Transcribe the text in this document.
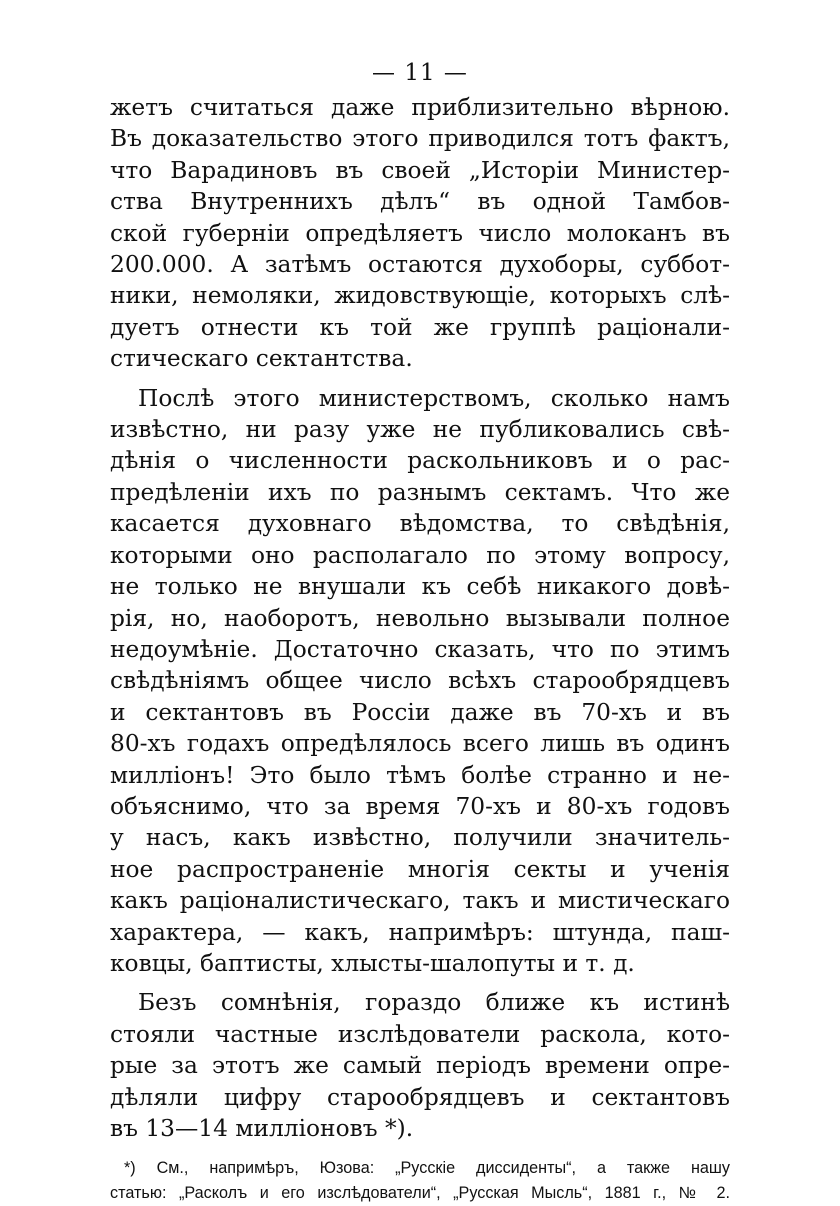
— 11 —
жетъ считаться даже приблизительно вѣрною.
Въ доказательство этого приводился тотъ фактъ,
что Варадиновъ въ своей „Исторіи Министер-
ства Внутреннихъ дѣлъ“ въ одной Тамбов-
ской губерніи опредѣляетъ число молоканъ въ
200.000. А затѣмъ остаются духоборы, суббот-
ники, немоляки, жидовствующіе, которыхъ слѣ-
дуетъ отнести къ той же группѣ раціонали-
стическаго сектантства.
Послѣ этого министерствомъ, сколько намъ
извѣстно, ни разу уже не публиковались свѣ-
дѣнія о численности раскольниковъ и о рас-
предѣленіи ихъ по разнымъ сектамъ. Что же
касается духовнаго вѣдомства, то свѣдѣнія,
которыми оно располагало по этому вопросу,
не только не внушали къ себѣ никакого довѣ-
рія, но, наоборотъ, невольно вызывали полное
недоумѣніе. Достаточно сказать, что по этимъ
свѣдѣніямъ общее число всѣхъ старообрядцевъ
и сектантовъ въ Россіи даже въ 70-хъ и въ
80-хъ годахъ опредѣлялось всего лишь въ одинъ
милліонъ! Это было тѣмъ болѣе странно и не-
объяснимо, что за время 70-хъ и 80-хъ годовъ
у насъ, какъ извѣстно, получили значитель-
ное распространеніе многія секты и ученія
какъ раціоналистическаго, такъ и мистическаго
характера, — какъ, напримѣръ: штунда, паш-
ковцы, баптисты, хлысты-шалопуты и т. д.
Безъ сомнѣнія, гораздо ближе къ истинѣ
стояли частные изслѣдователи раскола, кото-
рые за этотъ же самый періодъ времени опре-
дѣляли цифру старообрядцевъ и сектантовъ
въ 13—14 милліоновъ *).
*) См., напримѣръ, Юзова: „Русскіе диссиденты“, а также нашу
статью: „Расколъ и его изслѣдователи“, „Русская Мысль“, 1881 г., № 2.
